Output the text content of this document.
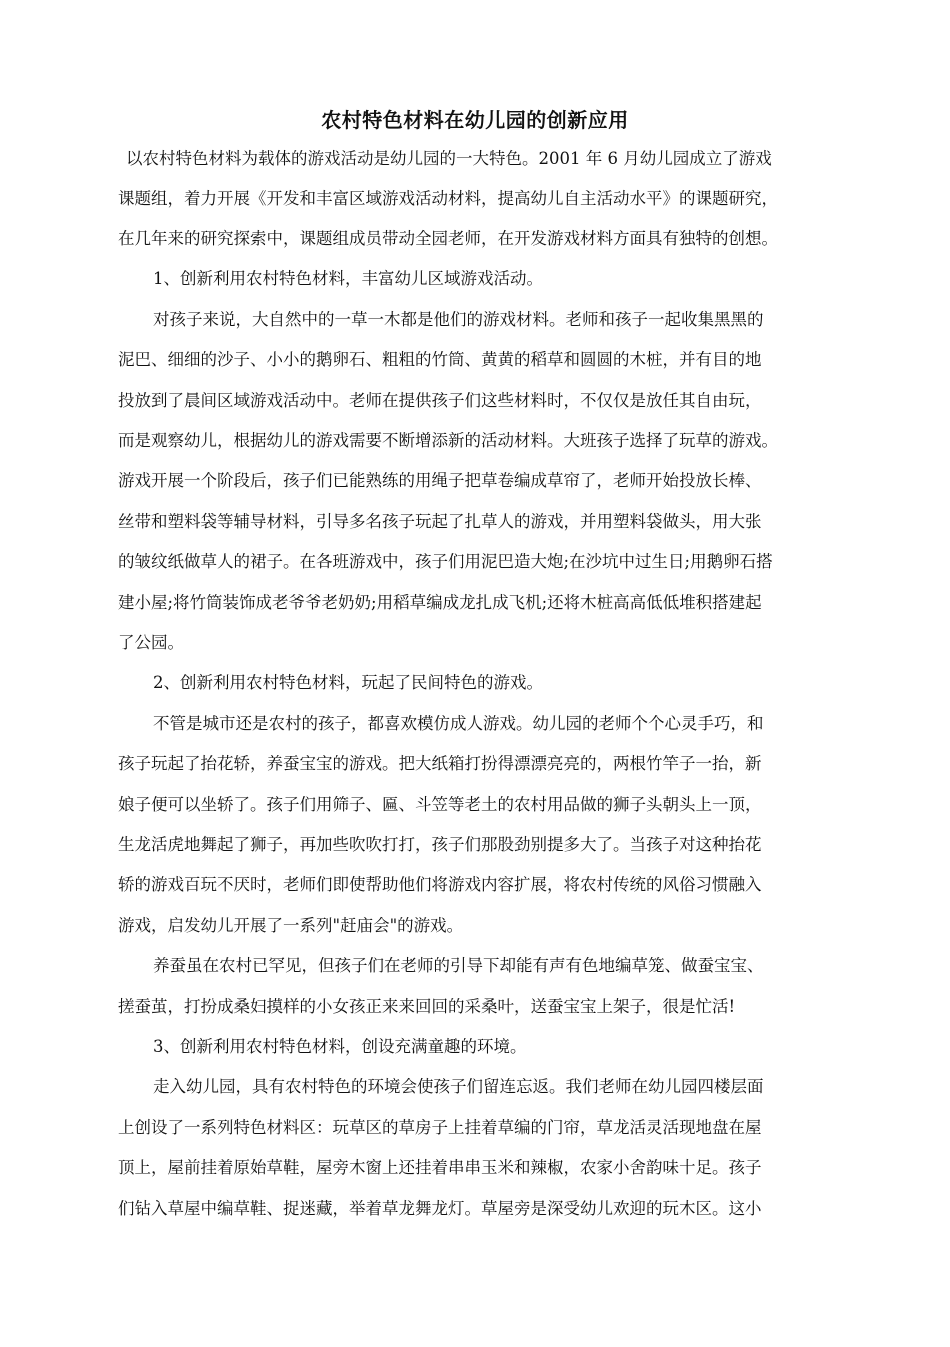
农村特色材料在幼儿园的创新应用
以农村特色材料为载体的游戏活动是幼儿园的一大特色。2001 年 6 月幼儿园成立了游戏
课题组，着力开展《开发和丰富区域游戏活动材料，提高幼儿自主活动水平》的课题研究，
在几年来的研究探索中，课题组成员带动全园老师，在开发游戏材料方面具有独特的创想。
1、创新利用农村特色材料，丰富幼儿区域游戏活动。
对孩子来说，大自然中的一草一木都是他们的游戏材料。老师和孩子一起收集黑黑的
泥巴、细细的沙子、小小的鹅卵石、粗粗的竹筒、黄黄的稻草和圆圆的木桩，并有目的地
投放到了晨间区域游戏活动中。老师在提供孩子们这些材料时，不仅仅是放任其自由玩，
而是观察幼儿，根据幼儿的游戏需要不断增添新的活动材料。大班孩子选择了玩草的游戏。
游戏开展一个阶段后，孩子们已能熟练的用绳子把草卷编成草帘了，老师开始投放长棒、
丝带和塑料袋等辅导材料，引导多名孩子玩起了扎草人的游戏，并用塑料袋做头，用大张
的皱纹纸做草人的裙子。在各班游戏中，孩子们用泥巴造大炮;在沙坑中过生日;用鹅卵石搭
建小屋;将竹筒装饰成老爷爷老奶奶;用稻草编成龙扎成飞机;还将木桩高高低低堆积搭建起
了公园。
2、创新利用农村特色材料，玩起了民间特色的游戏。
不管是城市还是农村的孩子，都喜欢模仿成人游戏。幼儿园的老师个个心灵手巧，和
孩子玩起了抬花轿，养蚕宝宝的游戏。把大纸箱打扮得漂漂亮亮的，两根竹竿子一抬，新
娘子便可以坐轿了。孩子们用筛子、匾、斗笠等老土的农村用品做的狮子头朝头上一顶，
生龙活虎地舞起了狮子，再加些吹吹打打，孩子们那股劲别提多大了。当孩子对这种抬花
轿的游戏百玩不厌时，老师们即使帮助他们将游戏内容扩展，将农村传统的风俗习惯融入
游戏，启发幼儿开展了一系列"赶庙会"的游戏。
养蚕虽在农村已罕见，但孩子们在老师的引导下却能有声有色地编草笼、做蚕宝宝、
搓蚕茧，打扮成桑妇摸样的小女孩正来来回回的采桑叶，送蚕宝宝上架子，很是忙活!
3、创新利用农村特色材料，创设充满童趣的环境。
走入幼儿园，具有农村特色的环境会使孩子们留连忘返。我们老师在幼儿园四楼层面
上创设了一系列特色材料区：玩草区的草房子上挂着草编的门帘，草龙活灵活现地盘在屋
顶上，屋前挂着原始草鞋，屋旁木窗上还挂着串串玉米和辣椒，农家小舍韵味十足。孩子
们钻入草屋中编草鞋、捉迷藏，举着草龙舞龙灯。草屋旁是深受幼儿欢迎的玩木区。这小
